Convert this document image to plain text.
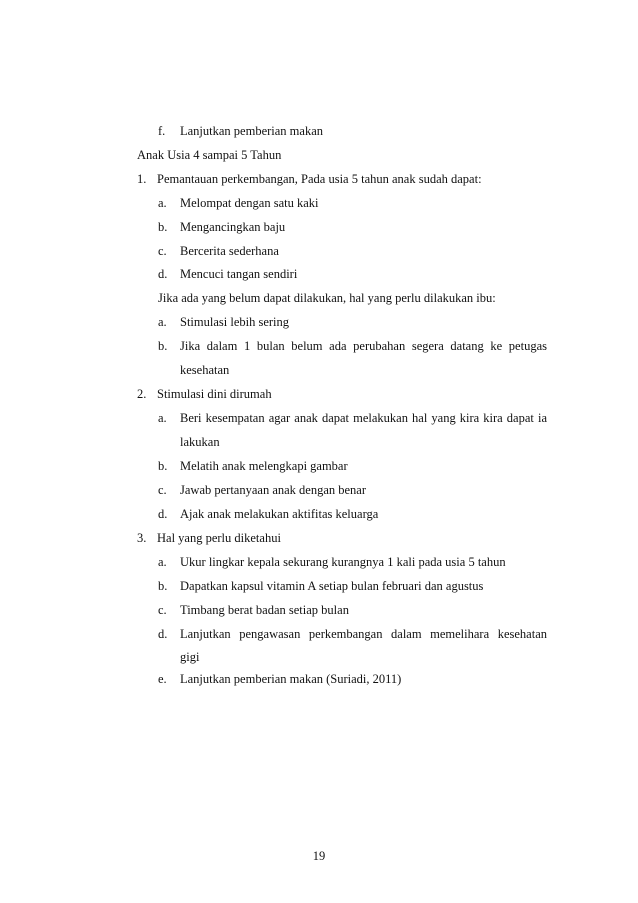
f. Lanjutkan pemberian makan
Anak Usia 4 sampai 5 Tahun
1. Pemantauan perkembangan, Pada usia 5 tahun anak sudah dapat:
a. Melompat dengan satu kaki
b. Mengancingkan baju
c. Bercerita sederhana
d. Mencuci tangan sendiri
Jika ada yang belum dapat dilakukan, hal yang perlu dilakukan ibu:
a. Stimulasi lebih sering
b. Jika dalam 1 bulan belum ada perubahan segera datang ke petugas
kesehatan
2. Stimulasi dini dirumah
a. Beri kesempatan agar anak dapat melakukan hal yang kira kira dapat ia
lakukan
b. Melatih anak melengkapi gambar
c. Jawab pertanyaan anak dengan benar
d. Ajak anak melakukan aktifitas keluarga
3. Hal yang perlu diketahui
a. Ukur lingkar kepala sekurang kurangnya 1 kali pada usia 5 tahun
b. Dapatkan kapsul vitamin A setiap bulan februari dan agustus
c. Timbang berat badan setiap bulan
d. Lanjutkan pengawasan perkembangan dalam memelihara kesehatan
gigi
e. Lanjutkan pemberian makan (Suriadi, 2011)
19
